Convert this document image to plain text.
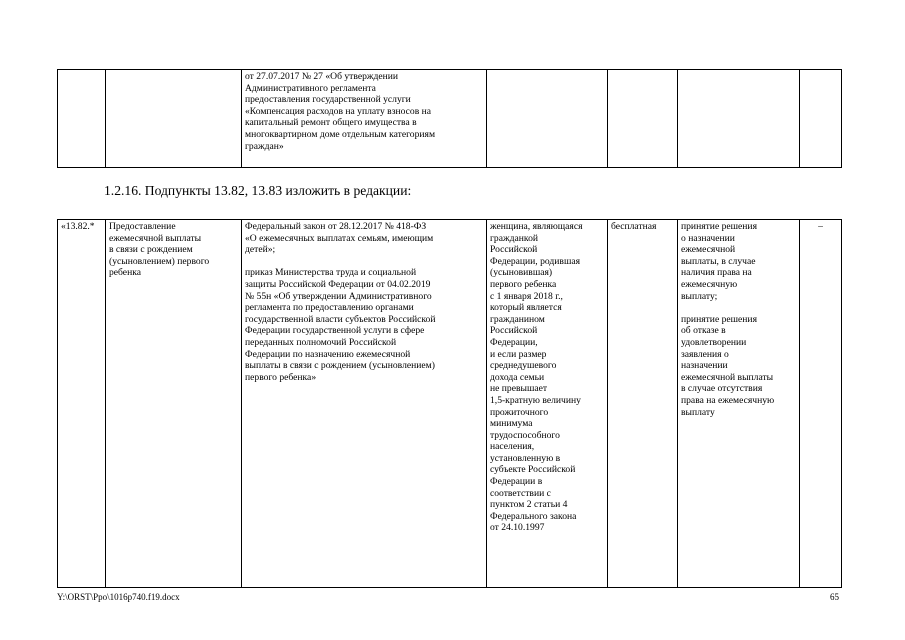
		от 27.07.2017 № 27 «Об утверждении
Административного регламента
предоставления государственной услуги
«Компенсация расходов на уплату взносов на
капитальный ремонт общего имущества в
многоквартирном доме отдельным категориям
граждан»				
1.2.16. Подпункты 13.82, 13.83 изложить в редакции:
«13.82.*	Предоставление
ежемесячной выплаты
в связи с рождением
(усыновлением) первого
ребенка	Федеральный закон от 28.12.2017 № 418-ФЗ
«О ежемесячных выплатах семьям, имеющим
детей»;

приказ Министерства труда и социальной
защиты Российской Федерации от 04.02.2019
№ 55н «Об утверждении Административного
регламента по предоставлению органами
государственной власти субъектов Российской
Федерации государственной услуги в сфере
переданных полномочий Российской
Федерации по назначению ежемесячной
выплаты в связи с рождением (усыновлением)
первого ребенка»	женщина, являющаяся
гражданкой
Российской
Федерации, родившая
(усыновившая)
первого ребенка
с 1 января 2018 г.,
который является
гражданином
Российской
Федерации,
и если размер
среднедушевого
дохода семьи
не превышает
1,5-кратную величину
прожиточного
минимума
трудоспособного
населения,
установленную в
субъекте Российской
Федерации в
соответствии с
пунктом 2 статьи 4
Федерального закона
от 24.10.1997	бесплатная	принятие решения
о назначении
ежемесячной
выплаты, в случае
наличия права на
ежемесячную
выплату;

принятие решения
об отказе в
удовлетворении
заявления о
назначении
ежемесячной выплаты
в случае отсутствия
права на ежемесячную
выплату	–
Y:\ORST\Ppo\1016p740.f19.docx	65
